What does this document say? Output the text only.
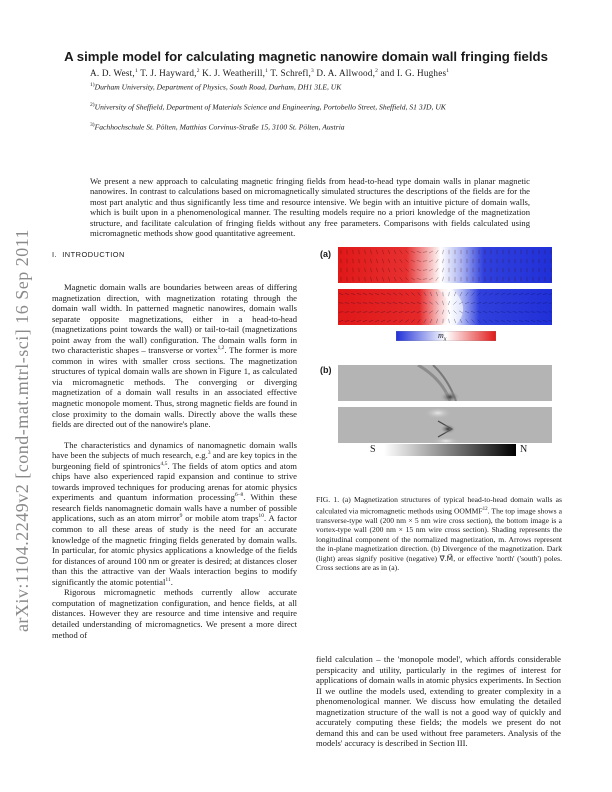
arXiv:1104.2249v2 [cond-mat.mtrl-sci] 16 Sep 2011
A simple model for calculating magnetic nanowire domain wall fringing fields
A. D. West,$^1$ T. J. Hayward,$^2$ K. J. Weatherill,$^1$ T. Schrefl,$^3$ D. A. Allwood,$^2$ and I. G. Hughes$^1$
$^{1)}$Durham University, Department of Physics, South Road, Durham, DH1 3LE, UK
$^{2)}$University of Sheffield, Department of Materials Science and Engineering, Portobello Street, Sheffield, S1 3JD, UK
$^{3)}$Fachhochschule St. Pölten, Matthias Corvinus-Straße 15, 3100 St. Pölten, Austria
We present a new approach to calculating magnetic fringing fields from head-to-head type domain walls in planar magnetic nanowires. In contrast to calculations based on micromagnetically simulated structures the descriptions of the fields are for the most part analytic and thus significantly less time and resource intensive. We begin with an intuitive picture of domain walls, which is built upon in a phenomenological manner. The resulting models require no a priori knowledge of the magnetization structure, and facilitate calculation of fringing fields without any free parameters. Comparisons with fields calculated using micromagnetic methods show good quantitative agreement.
I. INTRODUCTION

Magnetic domain walls are boundaries between areas of differing magnetization direction, with magnetization rotating through the domain wall width. In patterned magnetic nanowires, domain walls separate opposite magnetizations, either in a head-to-head (magnetizations point towards the wall) or tail-to-tail (magnetizations point away from the wall) configuration. The domain walls form in two characteristic shapes – transverse or vortex$^{1,2}$. The former is more common in wires with smaller cross sections. The magnetization structures of typical domain walls are shown in Figure 1, as calculated via micromagnetic methods. The converging or diverging magnetization of a domain wall results in an associated effective magnetic monopole moment. Thus, strong magnetic fields are found in close proximity to the domain walls. Directly above the walls these fields are directed out of the nanowire's plane.

The characteristics and dynamics of nanomagnetic domain walls have been the subjects of much research, e.g.$^3$ and are key topics in the burgeoning field of spintronics$^{4,5}$. The fields of atom optics and atom chips have also experienced rapid expansion and continue to strive towards improved techniques for producing arenas for atomic physics experiments and quantum information processing$^{6-8}$. Within these research fields nanomagnetic domain walls have a number of possible applications, such as an atom mirror$^9$ or mobile atom traps$^{10}$. A factor common to all these areas of study is the need for an accurate knowledge of the magnetic fringing fields generated by domain walls. In particular, for atomic physics applications a knowledge of the fields for distances of around 100 nm or greater is desired; at distances closer than this the attractive van der Waals interaction begins to modify significantly the atomic potential$^{11}$.

Rigorous micromagnetic methods currently allow accurate computation of magnetization configuration, and hence fields, at all distances. However they are resource and time intensive and require detailed understanding of micromagnetics. We present a more direct method of

(a)
$m_x$
(b)
S	N
FIG. 1. (a) Magnetization structures of typical head-to-head domain walls as calculated via micromagnetic methods using OOMMF$^{12}$. The top image shows a transverse-type wall (200 nm × 5 nm wire cross section), the bottom image is a vortex-type wall (200 nm × 15 nm wire cross section). Shading represents the longitudinal component of the normalized magnetization, m. Arrows represent the in-plane magnetization direction. (b) Divergence of the magnetization. Dark (light) areas signify positive (negative) ∇⃗.M⃗, or effective 'north' ('south') poles. Cross sections are as in (a).

field calculation – the 'monopole model', which affords considerable perspicacity and utility, particularly in the regimes of interest for applications of domain walls in atomic physics experiments. In Section II we outline the models used, extending to greater complexity in a phenomenological manner. We discuss how emulating the detailed magnetization structure of the wall is not a good way of quickly and accurately computing these fields; the models we present do not demand this and can be used without free parameters. Analysis of the models' accuracy is described in Section III.
